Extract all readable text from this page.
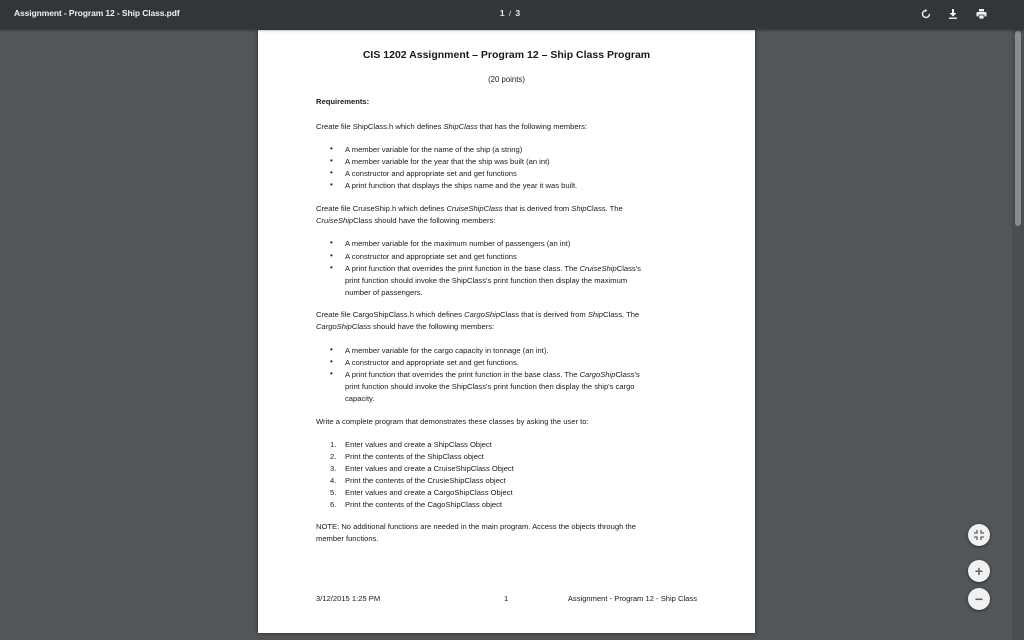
Assignment - Program 12 - Ship Class.pdf	1 / 3
CIS 1202 Assignment – Program 12 – Ship Class Program
(20 points)
Requirements:
Create file ShipClass.h which defines ShipClass that has the following members:
• A member variable for the name of the ship (a string)
• A member variable for the year that the ship was built (an int)
• A constructor and appropriate set and get functions
• A print function that displays the ships name and the year it was built.
Create file CruiseShip.h which defines CruiseShipClass that is derived from ShipClass. The
CruiseShipClass should have the following members:
• A member variable for the maximum number of passengers (an int)
• A constructor and appropriate set and get functions
• A print function that overrides the print function in the base class. The CruiseShipClass's
print function should invoke the ShipClass's print function then display the maximum
number of passengers.
Create file CargoShipClass.h which defines CargoShipClass that is derived from ShipClass. The
CargoShipClass should have the following members:
• A member variable for the cargo capacity in tonnage (an int).
• A constructor and appropriate set and get functions.
• A print function that overrides the print function in the base class. The CargoShipClass's
print function should invoke the ShipClass's print function then display the ship's cargo
capacity.
Write a complete program that demonstrates these classes by asking the user to:
1. Enter values and create a ShipClass Object
2. Print the contents of the ShipClass object
3. Enter values and create a CruiseShipClass Object
4. Print the contents of the CrusieShipClass object
5. Enter values and create a CargoShipClass Object
6. Print the contents of the CagoShipClass object
NOTE: No additional functions are needed in the main program. Access the objects through the
member functions.
3/12/2015 1:25 PM	1	Assignment - Program 12 - Ship Class
+
−
